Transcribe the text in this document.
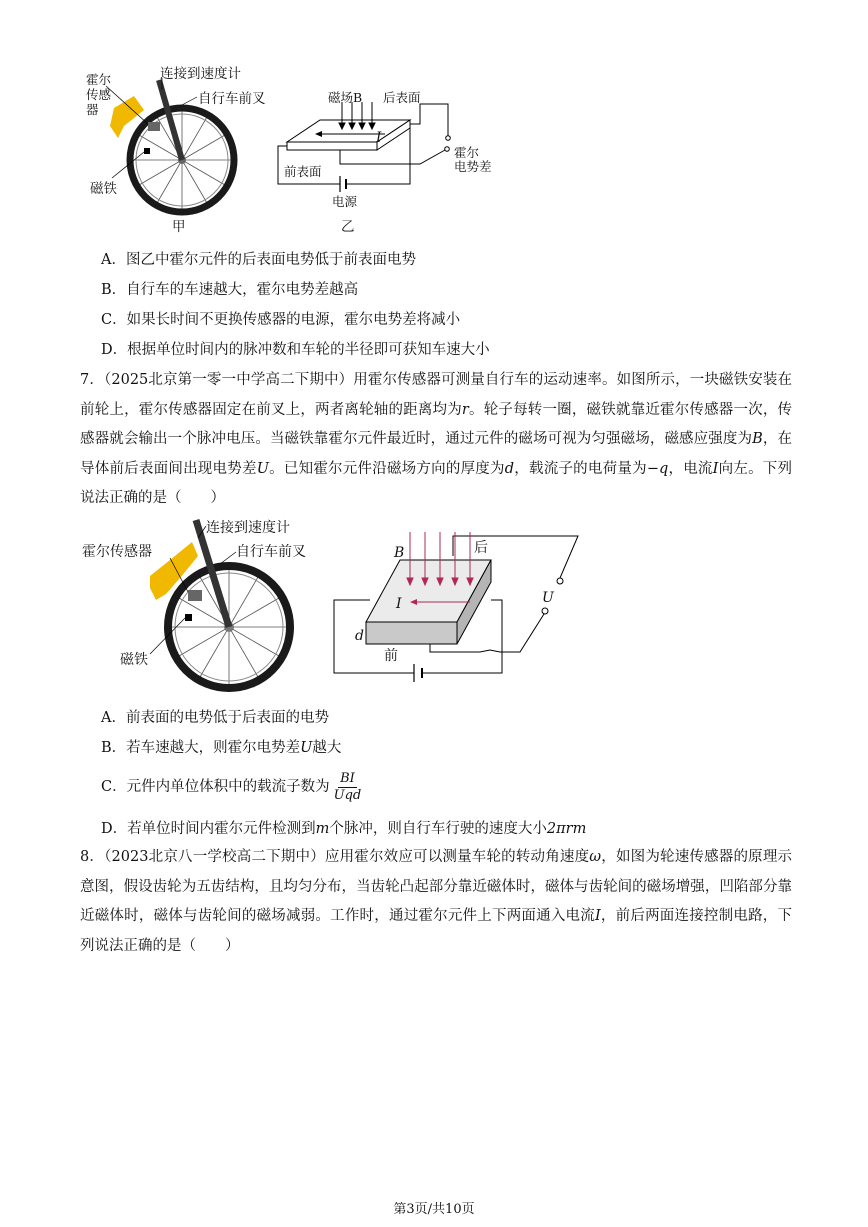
霍尔
传感器
连接到速度计
自行车前叉
磁铁
甲
磁场B 后表面
I
前表面
霍尔
电势差
电源
乙
A．图乙中霍尔元件的后表面电势低于前表面电势
B．自行车的车速越大，霍尔电势差越高
C．如果长时间不更换传感器的电源，霍尔电势差将减小
D．根据单位时间内的脉冲数和车轮的半径即可获知车速大小
7．（2025北京第一零一中学高二下期中）用霍尔传感器可测量自行车的运动速率。如图所示，一块磁铁安装在前轮上，霍尔传感器固定在前叉上，两者离轮轴的距离均为r。轮子每转一圈，磁铁就靠近霍尔传感器一次，传感器就会输出一个脉冲电压。当磁铁靠霍尔元件最近时，通过元件的磁场可视为匀强磁场，磁感应强度为B，在导体前后表面间出现电势差U。已知霍尔元件沿磁场方向的厚度为d，载流子的电荷量为−q，电流I向左。下列说法正确的是（　　）
霍尔传感器
连接到速度计
自行车前叉
磁铁
B	后
I	U
d
前
A．前表面的电势低于后表面的电势
B．若车速越大，则霍尔电势差U越大
C．元件内单位体积中的载流子数为 $\frac{BI}{\text{Uqd}}$
D．若单位时间内霍尔元件检测到m个脉冲，则自行车行驶的速度大小2πrm
8．（2023北京八一学校高二下期中）应用霍尔效应可以测量车轮的转动角速度ω，如图为轮速传感器的原理示意图，假设齿轮为五齿结构，且均匀分布，当齿轮凸起部分靠近磁体时，磁体与齿轮间的磁场增强，凹陷部分靠近磁体时，磁体与齿轮间的磁场减弱。工作时，通过霍尔元件上下两面通入电流I，前后两面连接控制电路，下列说法正确的是（　　）
第3页/共10页
